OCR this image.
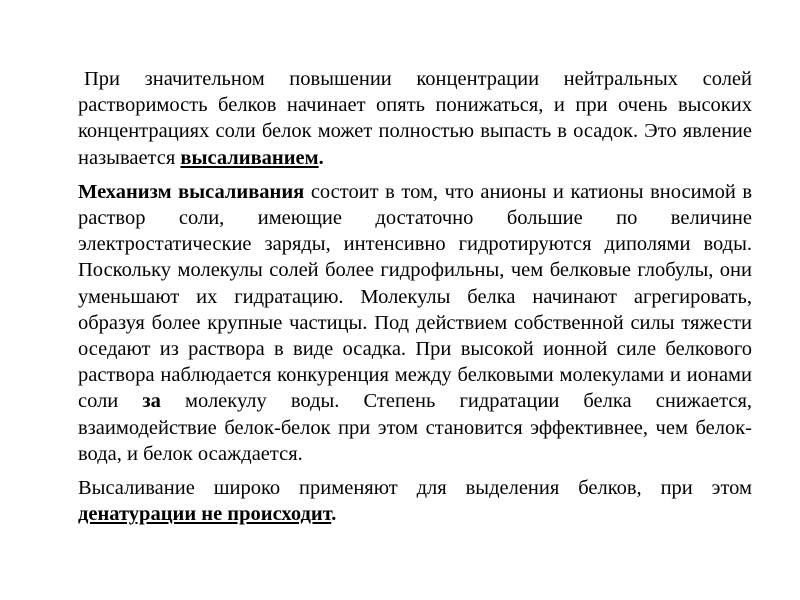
При значительном повышении концентрации нейтральных солей растворимость белков начинает опять понижаться, и при очень высоких концентрациях соли белок может полностью выпасть в осадок. Это явление называется высаливанием.

Механизм высаливания состоит в том, что анионы и катионы вносимой в раствор соли, имеющие достаточно большие по величине электростатические заряды, интенсивно гидротируются диполями воды. Поскольку молекулы солей более гидрофильны, чем белковые глобулы, они уменьшают их гидратацию. Молекулы белка начинают агрегировать, образуя более крупные частицы. Под действием собственной силы тяжести оседают из раствора в виде осадка. При высокой ионной силе белкового раствора наблюдается конкуренция между белковыми молекулами и ионами соли за молекулу воды. Степень гидратации белка снижается, взаимодействие белок-белок при этом становится эффективнее, чем белок-вода, и белок осаждается.

Высаливание широко применяют для выделения белков, при этом денатурации не происходит.
